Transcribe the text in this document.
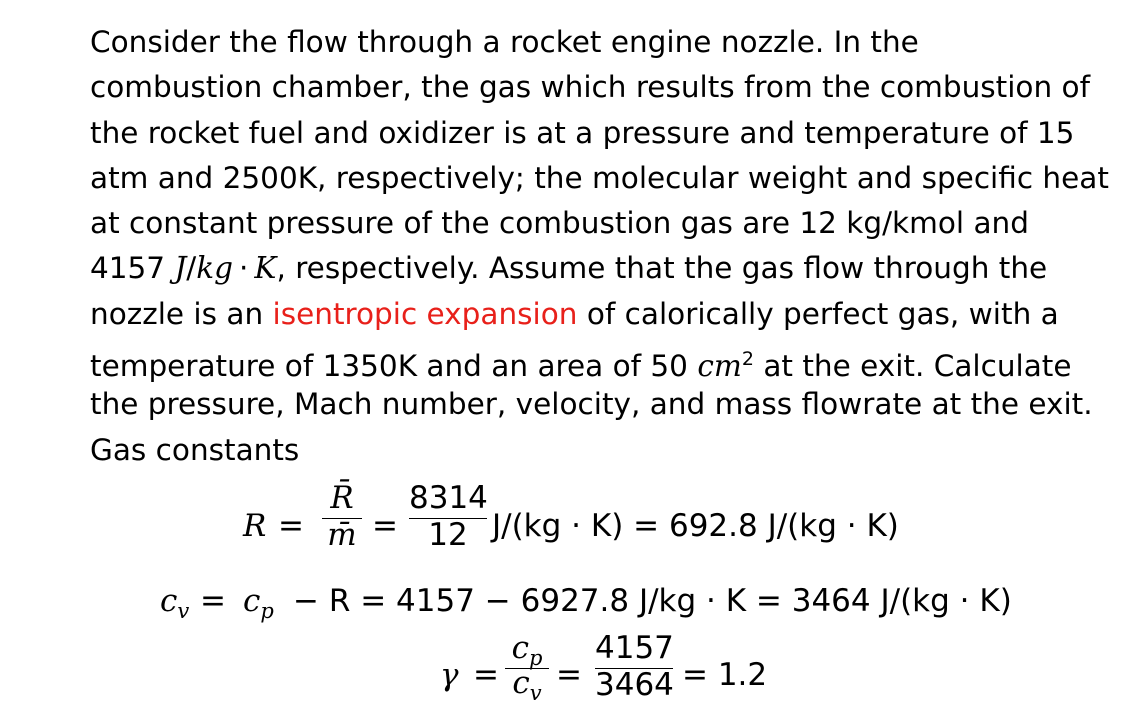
Consider the flow through a rocket engine nozzle. In the
combustion chamber, the gas which results from the combustion of
the rocket fuel and oxidizer is at a pressure and temperature of 15
atm and 2500K, respectively; the molecular weight and specific heat
at constant pressure of the combustion gas are 12 kg/kmol and
4157 J/kg · K, respectively. Assume that the gas flow through the
nozzle is an isentropic expansion of calorically perfect gas, with a
temperature of 1350K and an area of 50 $cm^2$ at the exit. Calculate
the pressure, Mach number, velocity, and mass flowrate at the exit.
Gas constants
R =
R̄
m̄ =
8314
12 J/(kg · K) = 692.8 J/(kg · K)
$c_v = c_p - R = 4157 - 6927.8$ J/kg · K = 3464 J/(kg · K)
γ =
$c_p$
$c_v$ =
4157
3464 = 1.2
